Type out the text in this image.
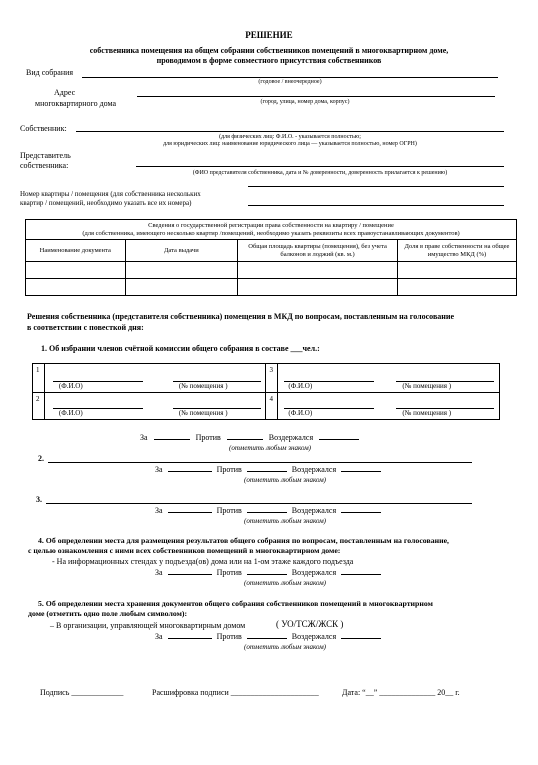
РЕШЕНИЕ
собственника помещения на общем собрании собственников помещений в многоквартирном доме,
проводимом в форме совместного присутствия собственников
Вид собрания
(годовое / внеочередное)
Адрес
многоквартирного дома	(город, улица, номер дома, корпус)
Собственник:
(для физических лиц: Ф.И.О. - указывается полностью;
для юридических лиц: наименование юридического лица — указывается полностью, номер ОГРН)
Представитель
собственника:
(ФИО представителя собственника, дата и № доверенности, доверенность прилагается к решению)
Номер квартиры / помещения (для собственника нескольких
квартир / помещений, необходимо указать все их номера)
Сведения о государственной регистрации права собственности на квартиру / помещение
(для собственника, имеющего несколько квартир /помещений, необходимо указать реквизиты всех правоустанавливающих документов)			

Наименование документа	Дата выдачи	Общая площадь квартиры (помещения), без учета балконов и лоджий (кв. м.)	Доля в праве собственности на общее имущество МКД (%)

Решения собственника (представителя собственника) помещения в МКД по вопросам, поставленным на голосование
в соответствии с повесткой дня:
1. Об избрании членов счётной комиссии общего собрания в составе ___чел.:
1	(Ф.И.О) (№ помещения )	3	(Ф.И.О) (№ помещения )

2	(Ф.И.О) (№ помещения )	4	(Ф.И.О) (№ помещения )
За	Против	Воздержался
(отметить любым знаком)
2.
За	Против	Воздержался
(отметить любым знаком)
3.
За	Против	Воздержался
(отметить любым знаком)
4. Об определении места для размещения результатов общего собрания по вопросам, поставленным на голосование,
с целью ознакомления с ними всех собственников помещений в многоквартирном доме:
- На информационных стендах у подъезда(ов) дома или на 1-ом этаже каждого подъезда
За	Против	Воздержался
(отметить любым знаком)
5. Об определении места хранения документов общего собрания собственников помещений в многоквартирном
доме (отметить одно поле любым символом):
– В организации, управляющей многоквартирным домом	( УО/ТСЖ/ЖСК )
За	Против	Воздержался
(отметить любым знаком)
Подпись _____________	Расшифровка подписи ______________________	Дата: “__” ______________ 20__ г.
